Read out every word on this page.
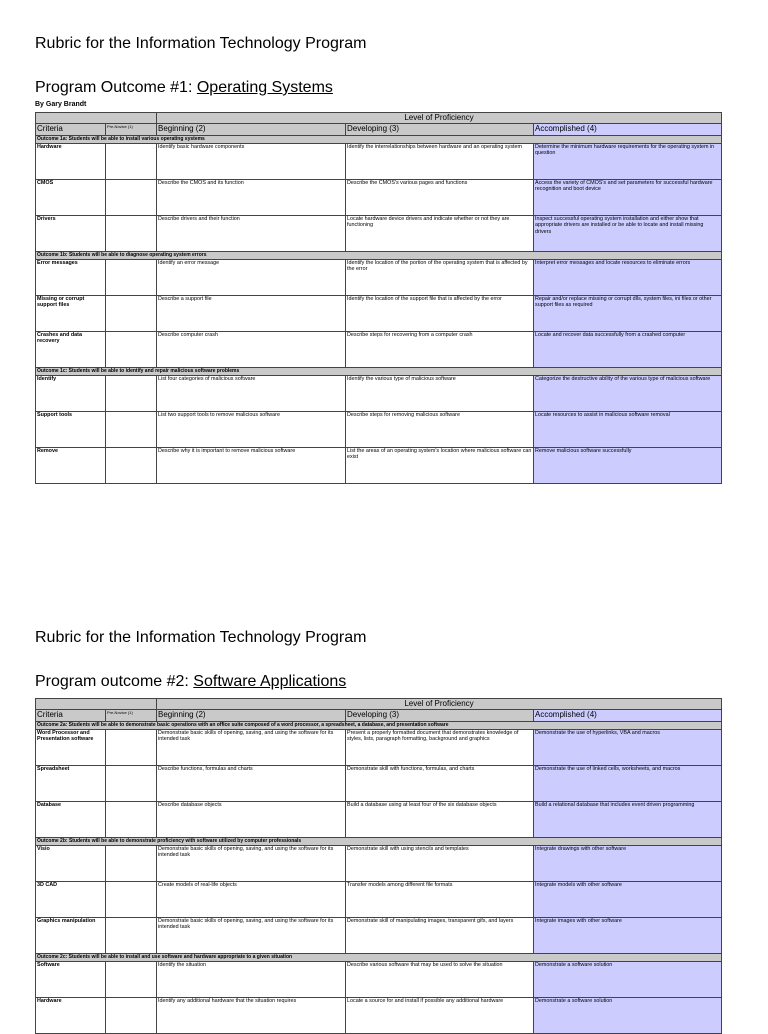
Rubric for the Information Technology Program
Program Outcome #1: Operating Systems
By Gary Brandt
		Level of Proficiency		
Criteria	Pre-Novice (1)	Beginning (2)	Developing (3)	Accomplished (4)
Outcome 1a: Students will be able to install various operating systems				
Hardware		Identify basic hardware components	Identify the interrelationships between hardware and an operating system	Determine the minimum hardware requirements for the operating system in question
CMOS		Describe the CMOS and its function	Describe the CMOS's various pages and functions	Access the variety of CMOS's and set parameters for successful hardware recognition and boot device
Drivers		Describe drivers and their function	Locate hardware device drivers and indicate whether or not they are functioning	Inspect successful operating system installation and either show that appropriate drivers are installed or be able to locate and install missing drivers
Outcome 1b: Students will be able to diagnose operating system errors				
Error messages		Identify an error message	Identify the location of the portion of the operating system that is affected by the error	Interpret error messages and locate resources to eliminate errors
Missing or corrupt support files		Describe a support file	Identify the location of the support file that is affected by the error	Repair and/or replace missing or corrupt dlls, system files, ini files or other support files as required
Crashes and data recovery		Describe computer crash	Describe steps for recovering from a computer crash	Locate and recover data successfully from a crashed computer
Outcome 1c: Students will be able to identify and repair malicious software problems				
Identify		List four categories of malicious software	Identify the various type of malicious software	Categorize the destructive ability of the various type of malicious software
Support tools		List two support tools to remove malicious software	Describe steps for removing malicious software	Locate resources to assist in malicious software removal
Remove		Describe why it is important to remove malicious software	List the areas of an operating system's location where malicious software can exist	Remove malicious software successfully
Rubric for the Information Technology Program
Program outcome #2: Software Applications
		Level of Proficiency		
Criteria	Pre-Novice (1)	Beginning (2)	Developing (3)	Accomplished (4)
Outcome 2a: Students will be able to demonstrate basic operations with an office suite composed of a word processor, a spreadsheet, a database, and presentation software				
Word Processor and Presentation software		Demonstrate basic skills of opening, saving, and using the software for its intended task	Present a properly formatted document that demonstrates knowledge of styles, lists, paragraph formatting, background and graphics	Demonstrate the use of hyperlinks, VBA and macros
Spreadsheet		Describe functions, formulas and charts	Demonstrate skill with functions, formulas, and charts	Demonstrate the use of linked cells, worksheets, and macros
Database		Describe database objects	Build a database using at least four of the six database objects	Build a relational database that includes event driven programming
Outcome 2b: Students will be able to demonstrate proficiency with software utilized by computer professionals				
Visio		Demonstrate basic skills of opening, saving, and using the software for its intended task	Demonstrate skill with using stencils and templates	Integrate drawings with other software
3D CAD		Create models of real-life objects	Transfer models among different file formats	Integrate models with other software
Graphics manipulation		Demonstrate basic skills of opening, saving, and using the software for its intended task	Demonstrate skill of manipulating images, transparent gifs, and layers	Integrate images with other software
Outcome 2c: Students will be able to install and use software and hardware appropriate to a given situation				
Software		Identify the situation	Describe various software that may be used to solve the situation	Demonstrate a software solution
Hardware		Identify any additional hardware that the situation requires	Locate a source for and install if possible any additional hardware	Demonstrate a software solution
